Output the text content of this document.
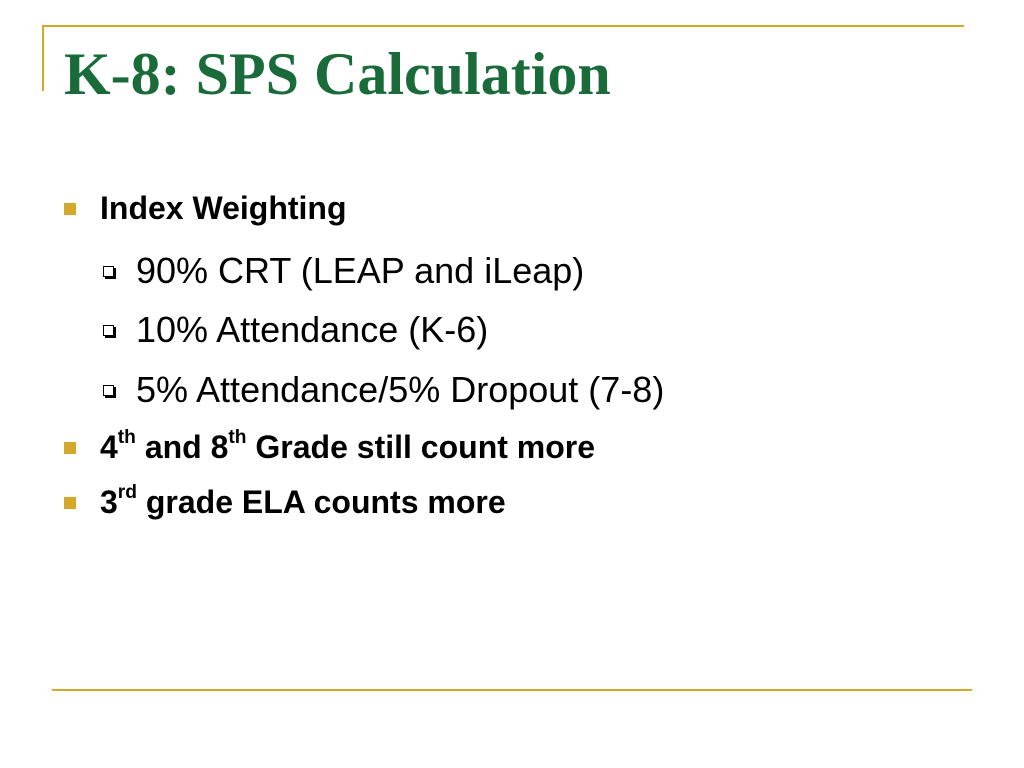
K-8: SPS Calculation
Index Weighting
90% CRT (LEAP and iLeap)
10% Attendance (K-6)
5% Attendance/5% Dropout (7-8)
4th and 8th Grade still count more
3rd grade ELA counts more
